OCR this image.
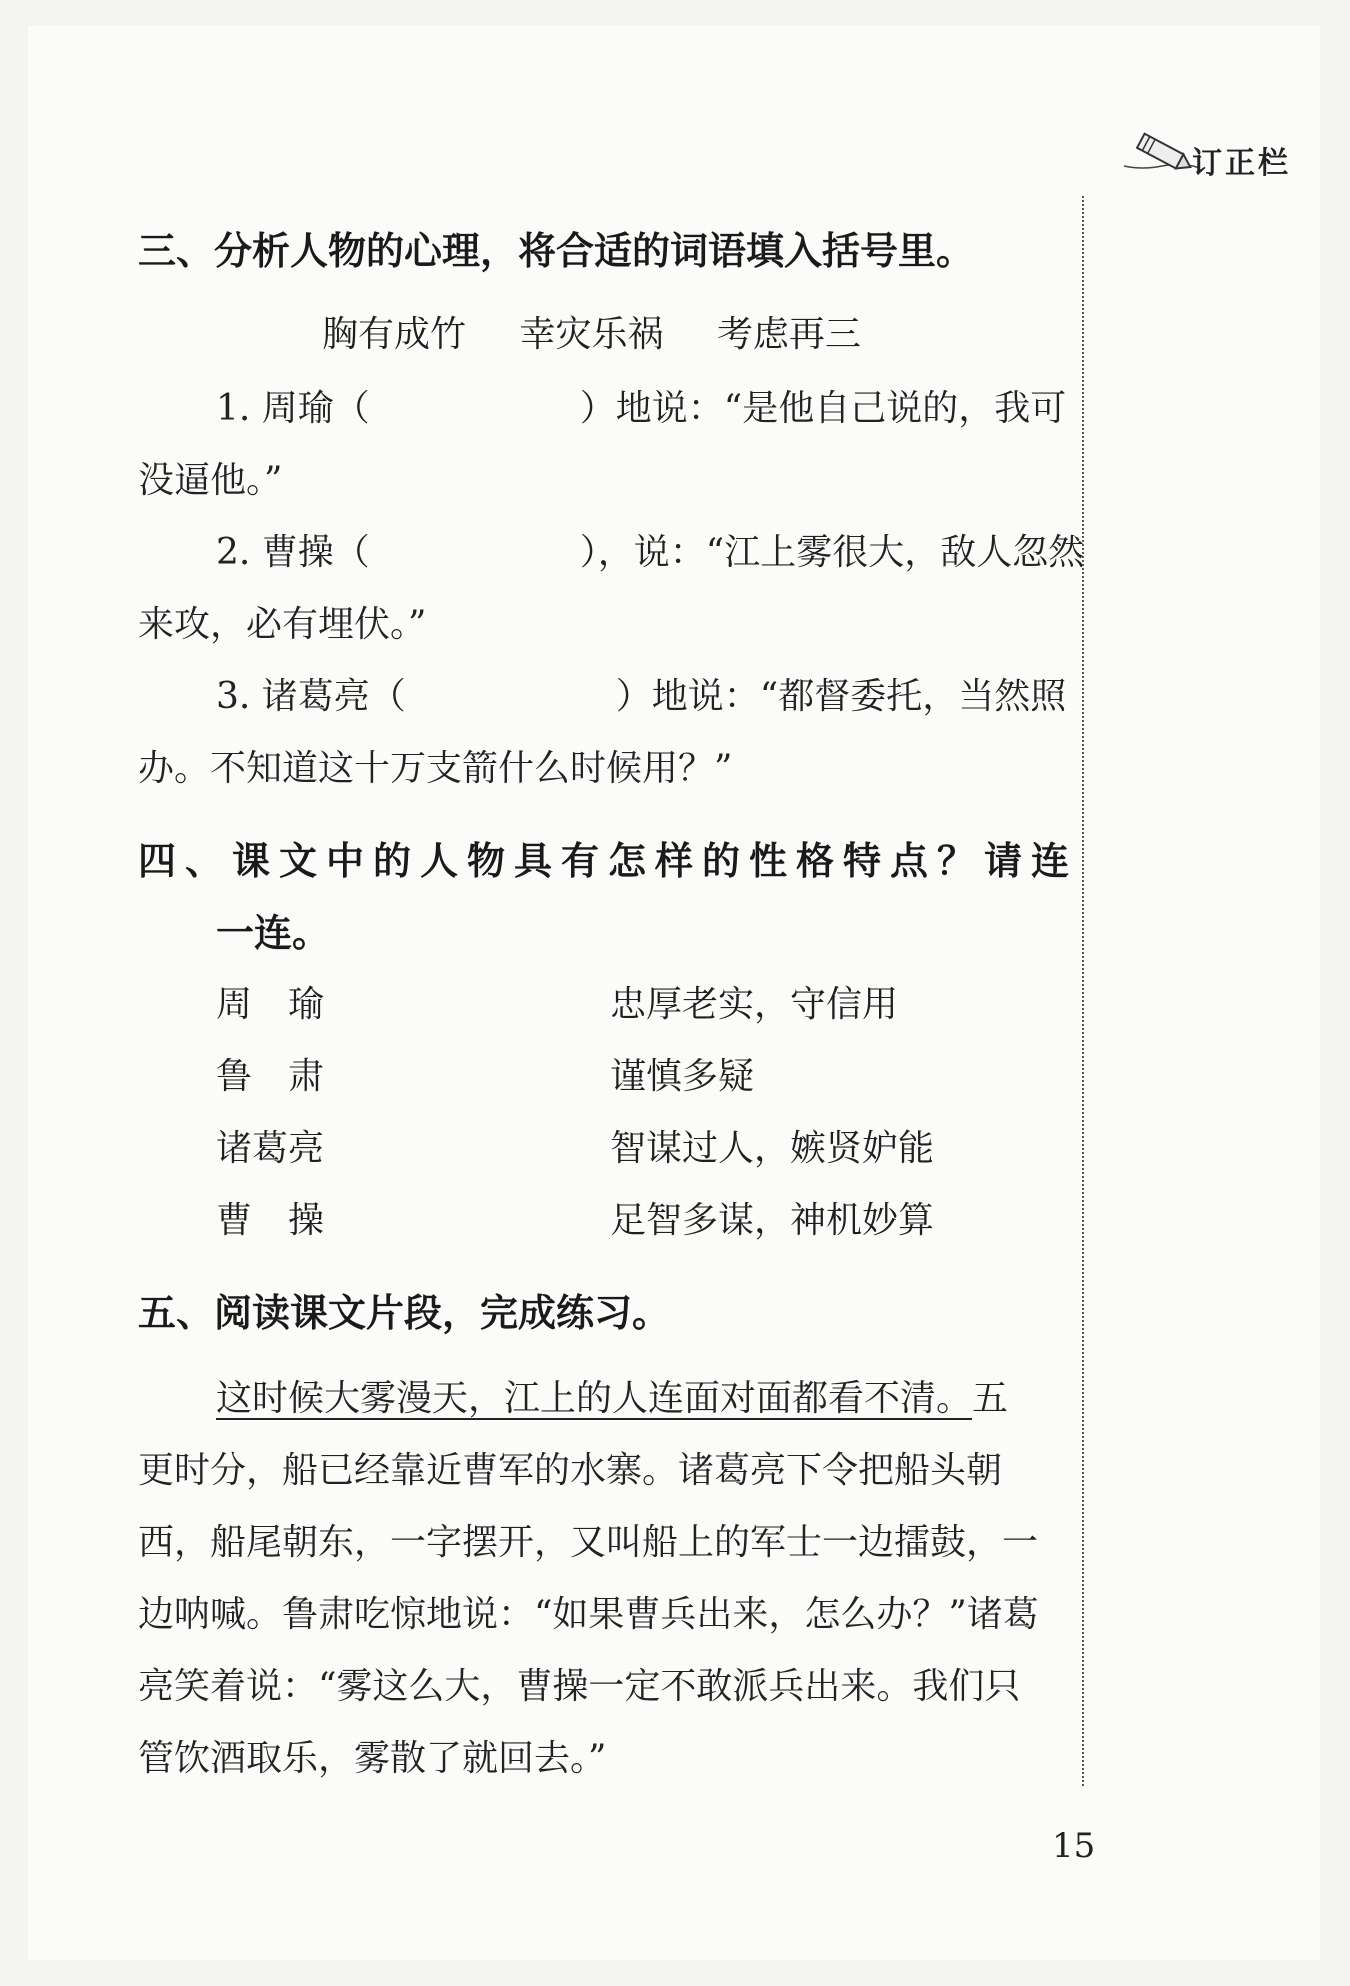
订正栏
三、分析人物的心理，将合适的词语填入括号里。
胸有成竹 幸灾乐祸 考虑再三
1. 周瑜（	）地说：“是他自己说的，我可
没逼他。”
2. 曹操（	），说：“江上雾很大，敌人忽然
来攻，必有埋伏。”
3. 诸葛亮（	）地说：“都督委托，当然照
办。不知道这十万支箭什么时候用？”
四、课文中的人物具有怎样的性格特点？请连
一连。
周　瑜	忠厚老实，守信用
鲁　肃	谨慎多疑
诸葛亮	智谋过人，嫉贤妒能
曹　操	足智多谋，神机妙算
五、阅读课文片段，完成练习。
这时候大雾漫天，江上的人连面对面都看不清。五
更时分，船已经靠近曹军的水寨。诸葛亮下令把船头朝
西，船尾朝东，一字摆开，又叫船上的军士一边擂鼓，一
边呐喊。鲁肃吃惊地说：“如果曹兵出来，怎么办？”诸葛
亮笑着说：“雾这么大，曹操一定不敢派兵出来。我们只
管饮酒取乐，雾散了就回去。”
15
